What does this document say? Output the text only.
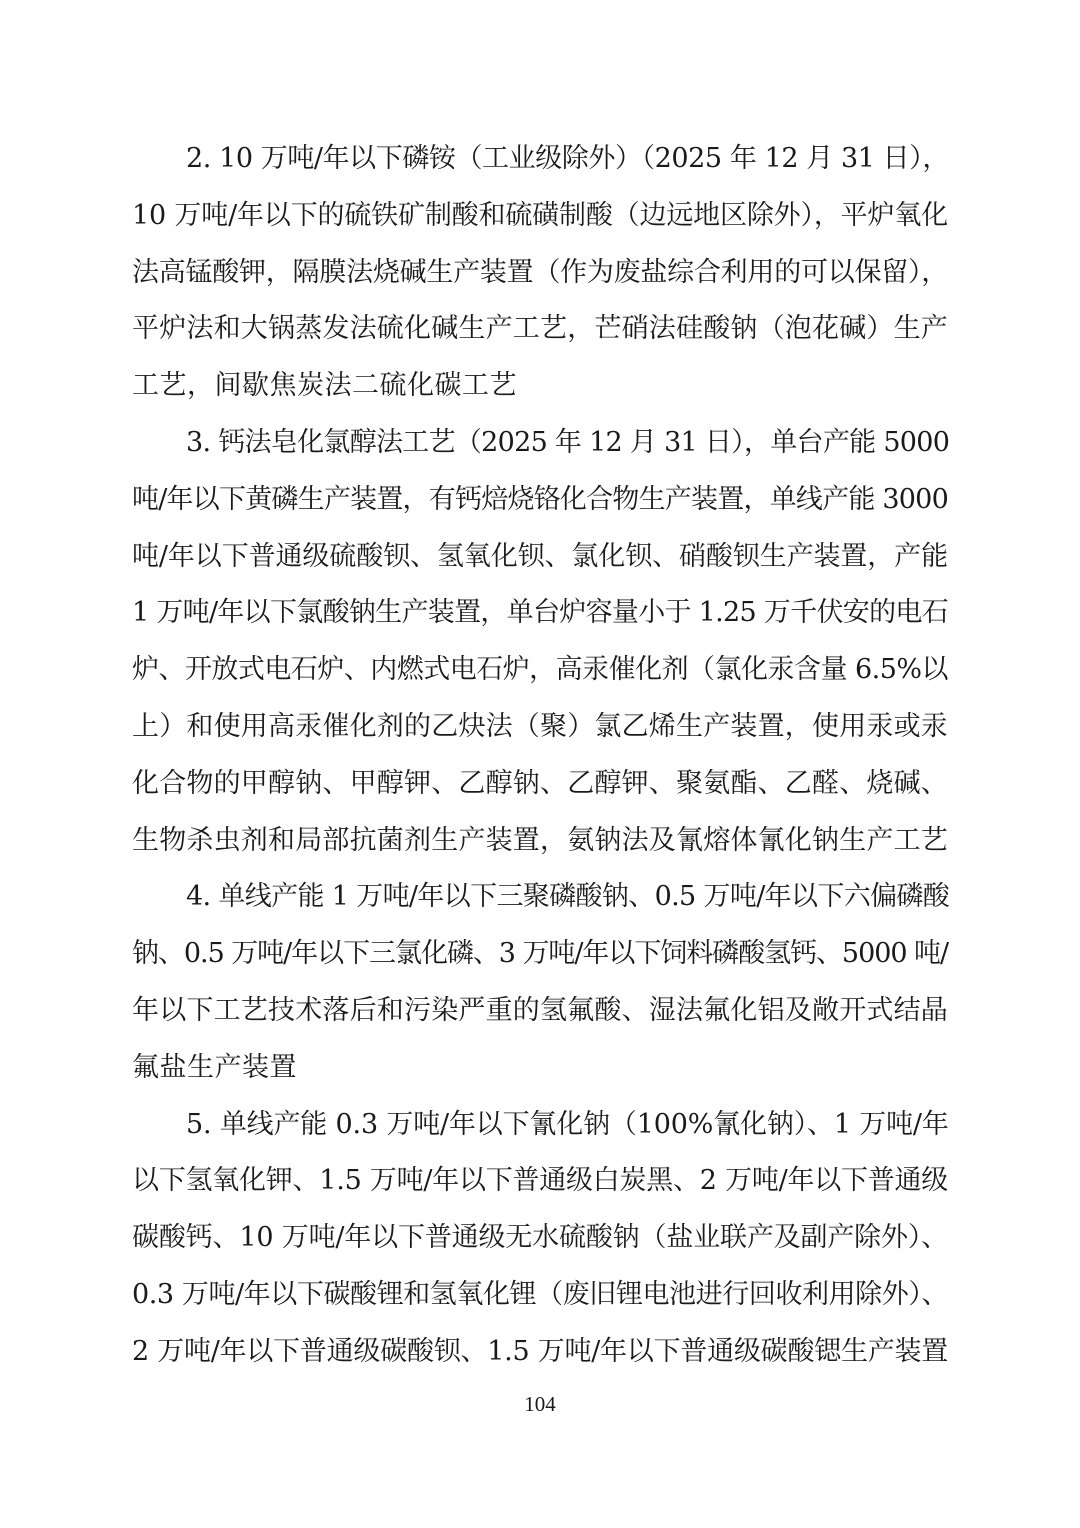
2. 10 万吨/年以下磷铵（工业级除外）（2025 年 12 月 31 日），
10 万吨/年以下的硫铁矿制酸和硫磺制酸（边远地区除外），平炉氧化
法高锰酸钾，隔膜法烧碱生产装置（作为废盐综合利用的可以保留），
平炉法和大锅蒸发法硫化碱生产工艺，芒硝法硅酸钠（泡花碱）生产
工艺，间歇焦炭法二硫化碳工艺

3. 钙法皂化氯醇法工艺（2025 年 12 月 31 日），单台产能 5000
吨/年以下黄磷生产装置，有钙焙烧铬化合物生产装置，单线产能 3000
吨/年以下普通级硫酸钡、氢氧化钡、氯化钡、硝酸钡生产装置，产能
1 万吨/年以下氯酸钠生产装置，单台炉容量小于 1.25 万千伏安的电石
炉、开放式电石炉、内燃式电石炉，高汞催化剂（氯化汞含量 6.5%以
上）和使用高汞催化剂的乙炔法（聚）氯乙烯生产装置，使用汞或汞
化合物的甲醇钠、甲醇钾、乙醇钠、乙醇钾、聚氨酯、乙醛、烧碱、
生物杀虫剂和局部抗菌剂生产装置，氨钠法及氰熔体氰化钠生产工艺

4. 单线产能 1 万吨/年以下三聚磷酸钠、0.5 万吨/年以下六偏磷酸
钠、0.5 万吨/年以下三氯化磷、3 万吨/年以下饲料磷酸氢钙、5000 吨/
年以下工艺技术落后和污染严重的氢氟酸、湿法氟化铝及敞开式结晶
氟盐生产装置

5. 单线产能 0.3 万吨/年以下氰化钠（100%氰化钠）、1 万吨/年
以下氢氧化钾、1.5 万吨/年以下普通级白炭黑、2 万吨/年以下普通级
碳酸钙、10 万吨/年以下普通级无水硫酸钠（盐业联产及副产除外）、
0.3 万吨/年以下碳酸锂和氢氧化锂（废旧锂电池进行回收利用除外）、
2 万吨/年以下普通级碳酸钡、1.5 万吨/年以下普通级碳酸锶生产装置

104
